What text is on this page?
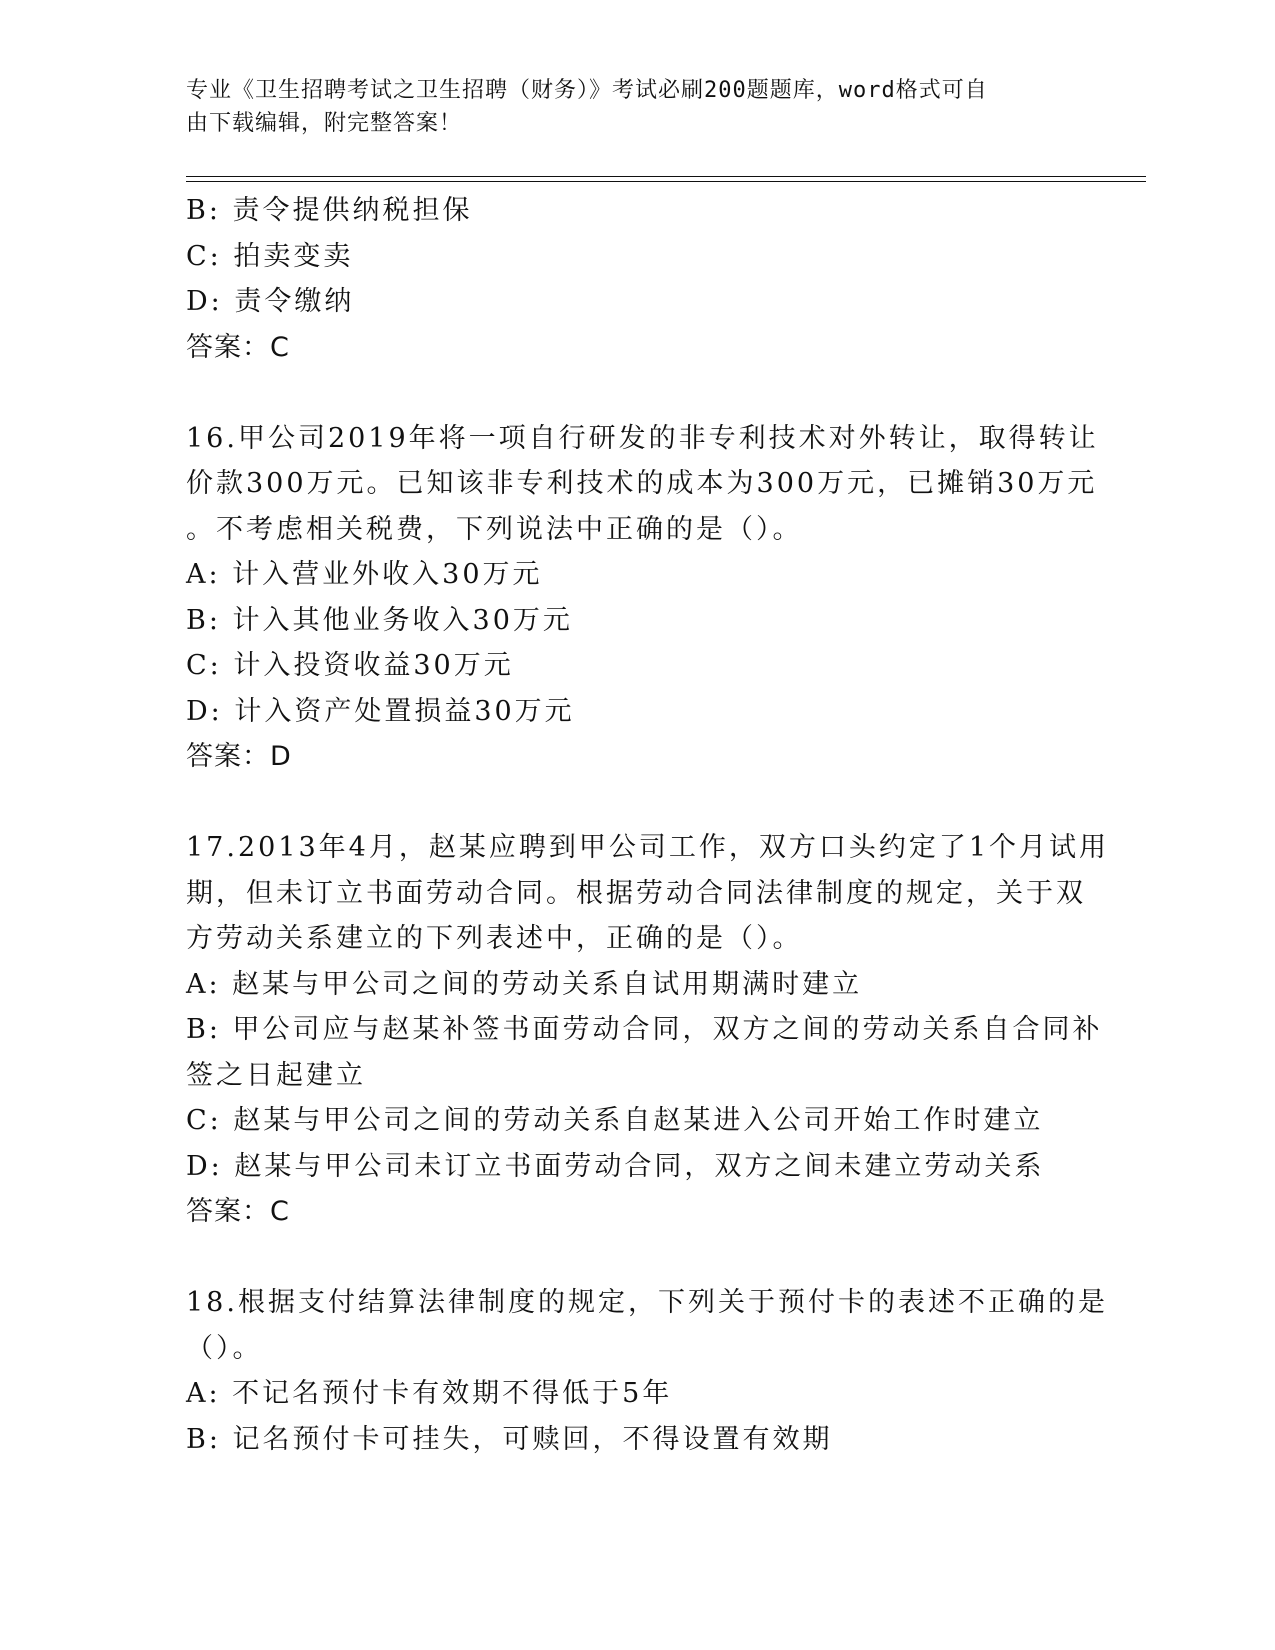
专业《卫生招聘考试之卫生招聘（财务）》考试必刷200题题库，word格式可自
由下载编辑，附完整答案！
B: 责令提供纳税担保
C: 拍卖变卖
D: 责令缴纳
答案：C
16.甲公司2019年将一项自行研发的非专利技术对外转让，取得转让
价款300万元。已知该非专利技术的成本为300万元，已摊销30万元
。不考虑相关税费，下列说法中正确的是（）。
A: 计入营业外收入30万元
B: 计入其他业务收入30万元
C: 计入投资收益30万元
D: 计入资产处置损益30万元
答案：D
17.2013年4月，赵某应聘到甲公司工作，双方口头约定了1个月试用
期，但未订立书面劳动合同。根据劳动合同法律制度的规定，关于双
方劳动关系建立的下列表述中，正确的是（）。
A: 赵某与甲公司之间的劳动关系自试用期满时建立
B: 甲公司应与赵某补签书面劳动合同，双方之间的劳动关系自合同补
签之日起建立
C: 赵某与甲公司之间的劳动关系自赵某进入公司开始工作时建立
D: 赵某与甲公司未订立书面劳动合同，双方之间未建立劳动关系
答案：C
18.根据支付结算法律制度的规定，下列关于预付卡的表述不正确的是
（）。
A: 不记名预付卡有效期不得低于5年
B: 记名预付卡可挂失，可赎回，不得设置有效期
